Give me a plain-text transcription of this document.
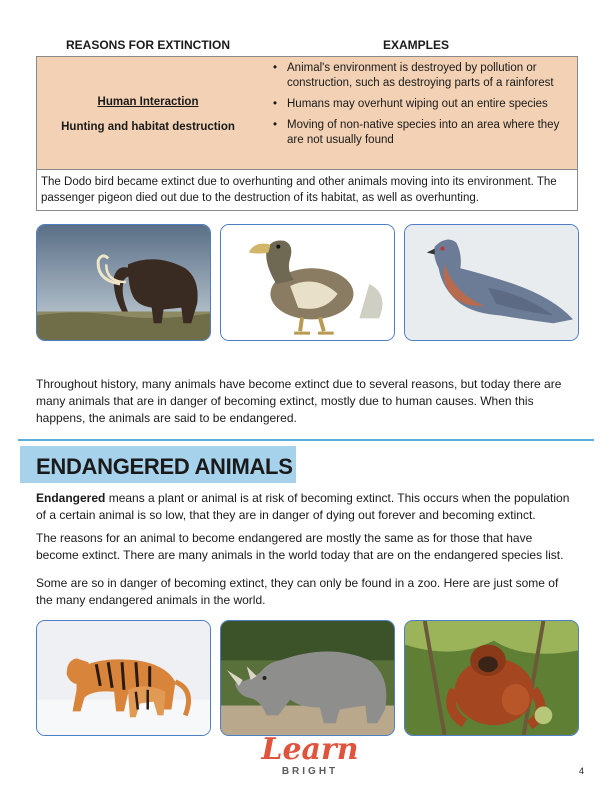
REASONS FOR EXTINCTION	EXAMPLES
Human Interaction
Hunting and habitat destruction
• Animal's environment is destroyed by pollution or construction, such as destroying parts of a rainforest
• Humans may overhunt wiping out an entire species
• Moving of non-native species into an area where they are not usually found
The Dodo bird became extinct due to overhunting and other animals moving into its environment. The passenger pigeon died out due to the destruction of its habitat, as well as overhunting.

Throughout history, many animals have become extinct due to several reasons, but today there are many animals that are in danger of becoming extinct, mostly due to human causes. When this happens, the animals are said to be endangered.

ENDANGERED ANIMALS

Endangered means a plant or animal is at risk of becoming extinct. This occurs when the population of a certain animal is so low, that they are in danger of dying out forever and becoming extinct.

The reasons for an animal to become endangered are mostly the same as for those that have become extinct. There are many animals in the world today that are on the endangered species list.

Some are so in danger of becoming extinct, they can only be found in a zoo. Here are just some of the many endangered animals in the world.

Learn
BRIGHT	4
